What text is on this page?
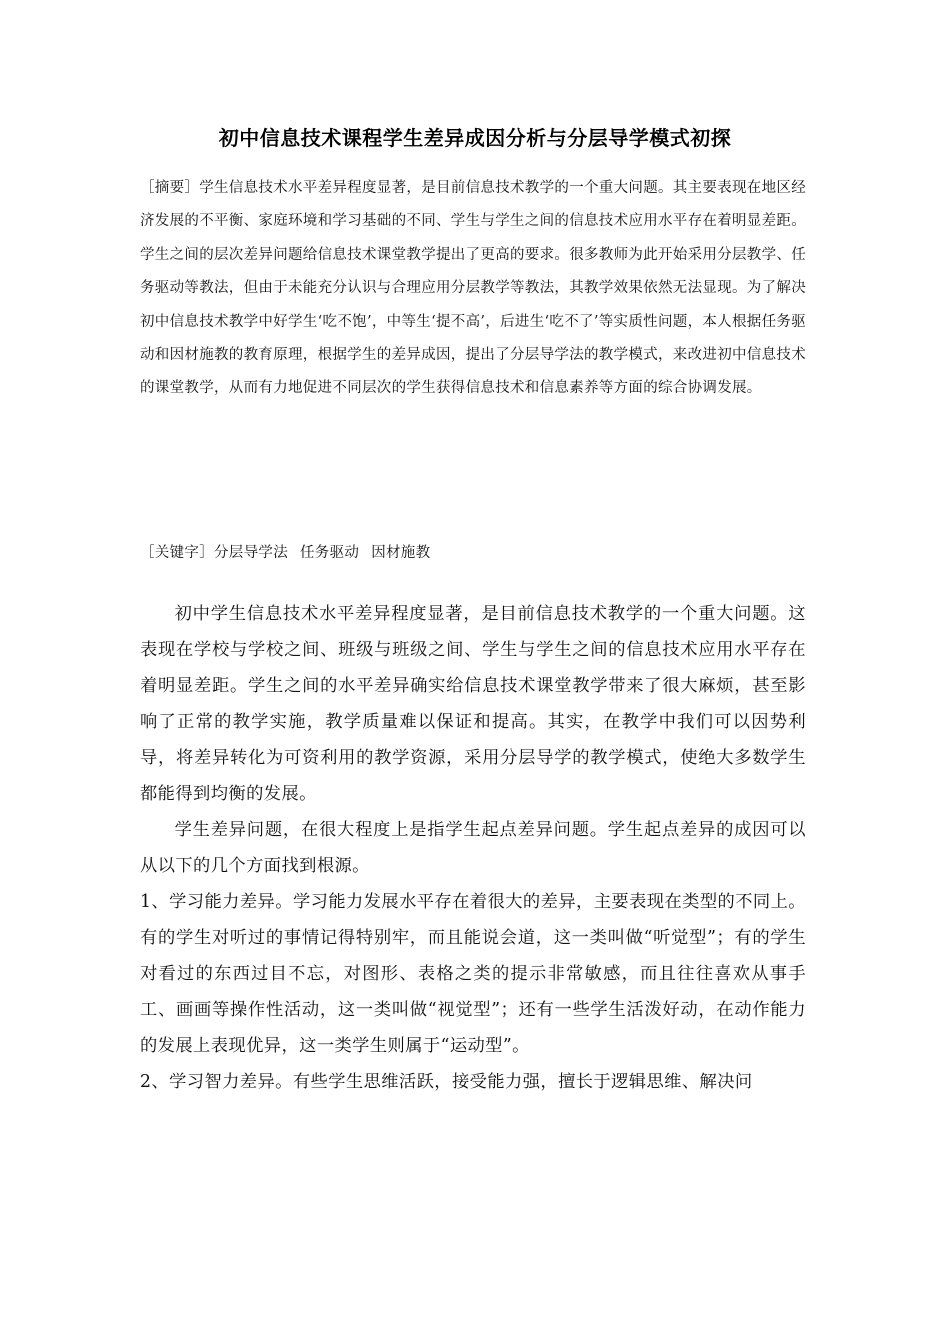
初中信息技术课程学生差异成因分析与分层导学模式初探
［摘要］学生信息技术水平差异程度显著，是目前信息技术教学的一个重大问题。其主要表现在地区经济发展的不平衡、家庭环境和学习基础的不同、学生与学生之间的信息技术应用水平存在着明显差距。学生之间的层次差异问题给信息技术课堂教学提出了更高的要求。很多教师为此开始采用分层教学、任务驱动等教法，但由于未能充分认识与合理应用分层教学等教法，其教学效果依然无法显现。为了解决初中信息技术教学中好学生‘吃不饱’，中等生‘提不高’，后进生‘吃不了’等实质性问题，本人根据任务驱动和因材施教的教育原理，根据学生的差异成因，提出了分层导学法的教学模式，来改进初中信息技术的课堂教学，从而有力地促进不同层次的学生获得信息技术和信息素养等方面的综合协调发展。
［关键字］分层导学法 任务驱动 因材施教

初中学生信息技术水平差异程度显著，是目前信息技术教学的一个重大问题。这表现在学校与学校之间、班级与班级之间、学生与学生之间的信息技术应用水平存在着明显差距。学生之间的水平差异确实给信息技术课堂教学带来了很大麻烦，甚至影响了正常的教学实施，教学质量难以保证和提高。其实，在教学中我们可以因势利导，将差异转化为可资利用的教学资源，采用分层导学的教学模式，使绝大多数学生都能得到均衡的发展。

学生差异问题，在很大程度上是指学生起点差异问题。学生起点差异的成因可以从以下的几个方面找到根源。

1、学习能力差异。学习能力发展水平存在着很大的差异，主要表现在类型的不同上。有的学生对听过的事情记得特别牢，而且能说会道，这一类叫做“听觉型”；有的学生对看过的东西过目不忘，对图形、表格之类的提示非常敏感，而且往往喜欢从事手工、画画等操作性活动，这一类叫做“视觉型”；还有一些学生活泼好动，在动作能力的发展上表现优异，这一类学生则属于“运动型”。

2、学习智力差异。有些学生思维活跃，接受能力强，擅长于逻辑思维、解决问
